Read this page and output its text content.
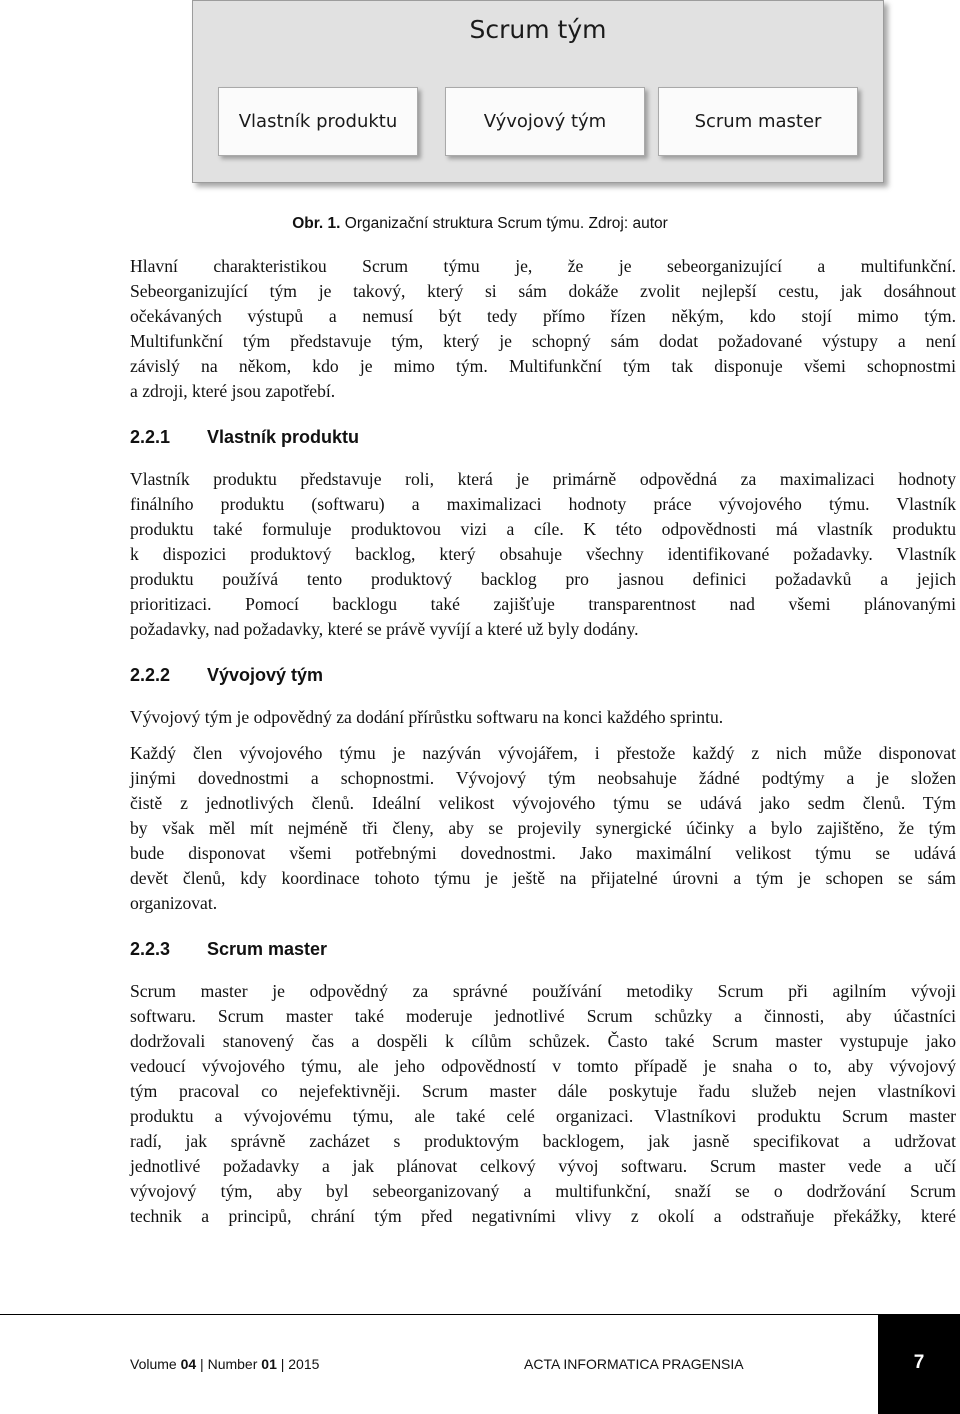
Scrum tým
Vlastník produktu	Vývojový tým	Scrum master
Obr. 1. Organizační struktura Scrum týmu. Zdroj: autor
Hlavní charakteristikou Scrum týmu je, že je sebeorganizující a multifunkční.
Sebeorganizující tým je takový, který si sám dokáže zvolit nejlepší cestu, jak dosáhnout
očekávaných výstupů a nemusí být tedy přímo řízen někým, kdo stojí mimo tým.
Multifunkční tým představuje tým, který je schopný sám dodat požadované výstupy a není
závislý na někom, kdo je mimo tým. Multifunkční tým tak disponuje všemi schopnostmi
a zdroji, které jsou zapotřebí.
2.2.1 Vlastník produktu
Vlastník produktu představuje roli, která je primárně odpovědná za maximalizaci hodnoty
finálního produktu (softwaru) a maximalizaci hodnoty práce vývojového týmu. Vlastník
produktu také formuluje produktovou vizi a cíle. K této odpovědnosti má vlastník produktu
k dispozici produktový backlog, který obsahuje všechny identifikované požadavky. Vlastník
produktu používá tento produktový backlog pro jasnou definici požadavků a jejich
prioritizaci. Pomocí backlogu také zajišťuje transparentnost nad všemi plánovanými
požadavky, nad požadavky, které se právě vyvíjí a které už byly dodány.
2.2.2 Vývojový tým
Vývojový tým je odpovědný za dodání přírůstku softwaru na konci každého sprintu.
Každý člen vývojového týmu je nazýván vývojářem, i přestože každý z nich může disponovat
jinými dovednostmi a schopnostmi. Vývojový tým neobsahuje žádné podtýmy a je složen
čistě z jednotlivých členů. Ideální velikost vývojového týmu se udává jako sedm členů. Tým
by však měl mít nejméně tři členy, aby se projevily synergické účinky a bylo zajištěno, že tým
bude disponovat všemi potřebnými dovednostmi. Jako maximální velikost týmu se udává
devět členů, kdy koordinace tohoto týmu je ještě na přijatelné úrovni a tým je schopen se sám
organizovat.
2.2.3 Scrum master
Scrum master je odpovědný za správné používání metodiky Scrum při agilním vývoji
softwaru. Scrum master také moderuje jednotlivé Scrum schůzky a činnosti, aby účastníci
dodržovali stanovený čas a dospěli k cílům schůzek. Často také Scrum master vystupuje jako
vedoucí vývojového týmu, ale jeho odpovědností v tomto případě je snaha o to, aby vývojový
tým pracoval co nejefektivněji. Scrum master dále poskytuje řadu služeb nejen vlastníkovi
produktu a vývojovému týmu, ale také celé organizaci. Vlastníkovi produktu Scrum master
radí, jak správně zacházet s produktovým backlogem, jak jasně specifikovat a udržovat
jednotlivé požadavky a jak plánovat celkový vývoj softwaru. Scrum master vede a učí
vývojový tým, aby byl sebeorganizovaný a multifunkční, snaží se o dodržování Scrum
technik a principů, chrání tým před negativními vlivy z okolí a odstraňuje překážky, které
Volume 04 | Number 01 | 2015	ACTA INFORMATICA PRAGENSIA	7
